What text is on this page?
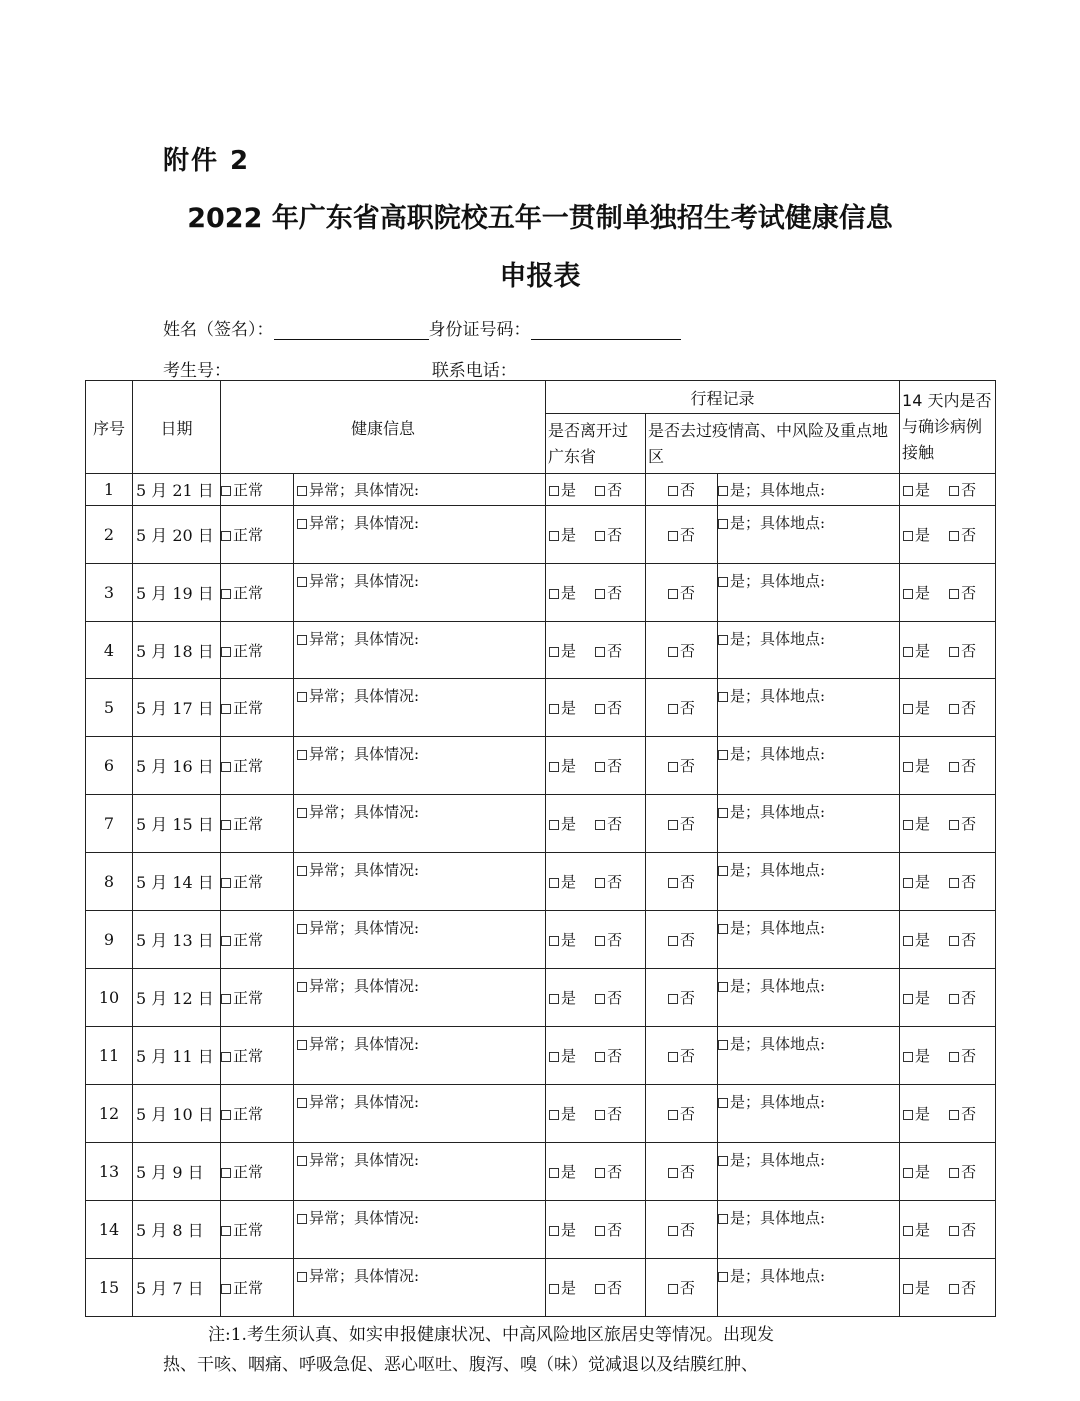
附件 2
2022 年广东省高职院校五年一贯制单独招生考试健康信息
申报表
姓名（签名）：	身份证号码：
考生号：	联系电话：
序号	日期	健康信息		行程记录			14 天内是否与确诊病例接触
				是否离开过广东省	是否去过疫情高、中风险及重点地区		
1	5 月 21 日	正常	异常；具体情况:	是 否	否	是；具体地点:	是 否
2	5 月 20 日	正常	异常；具体情况:	是 否	否	是；具体地点:	是 否
3	5 月 19 日	正常	异常；具体情况:	是 否	否	是；具体地点:	是 否
4	5 月 18 日	正常	异常；具体情况:	是 否	否	是；具体地点:	是 否
5	5 月 17 日	正常	异常；具体情况:	是 否	否	是；具体地点:	是 否
6	5 月 16 日	正常	异常；具体情况:	是 否	否	是；具体地点:	是 否
7	5 月 15 日	正常	异常；具体情况:	是 否	否	是；具体地点:	是 否
8	5 月 14 日	正常	异常；具体情况:	是 否	否	是；具体地点:	是 否
9	5 月 13 日	正常	异常；具体情况:	是 否	否	是；具体地点:	是 否
10	5 月 12 日	正常	异常；具体情况:	是 否	否	是；具体地点:	是 否
11	5 月 11 日	正常	异常；具体情况:	是 否	否	是；具体地点:	是 否
12	5 月 10 日	正常	异常；具体情况:	是 否	否	是；具体地点:	是 否
13	5 月 9 日	正常	异常；具体情况:	是 否	否	是；具体地点:	是 否
14	5 月 8 日	正常	异常；具体情况:	是 否	否	是；具体地点:	是 否
15	5 月 7 日	正常	异常；具体情况:	是 否	否	是；具体地点:	是 否

注:1.考生须认真、如实申报健康状况、中高风险地区旅居史等情况。出现发

热、干咳、咽痛、呼吸急促、恶心呕吐、腹泻、嗅（味）觉减退以及结膜红肿、
